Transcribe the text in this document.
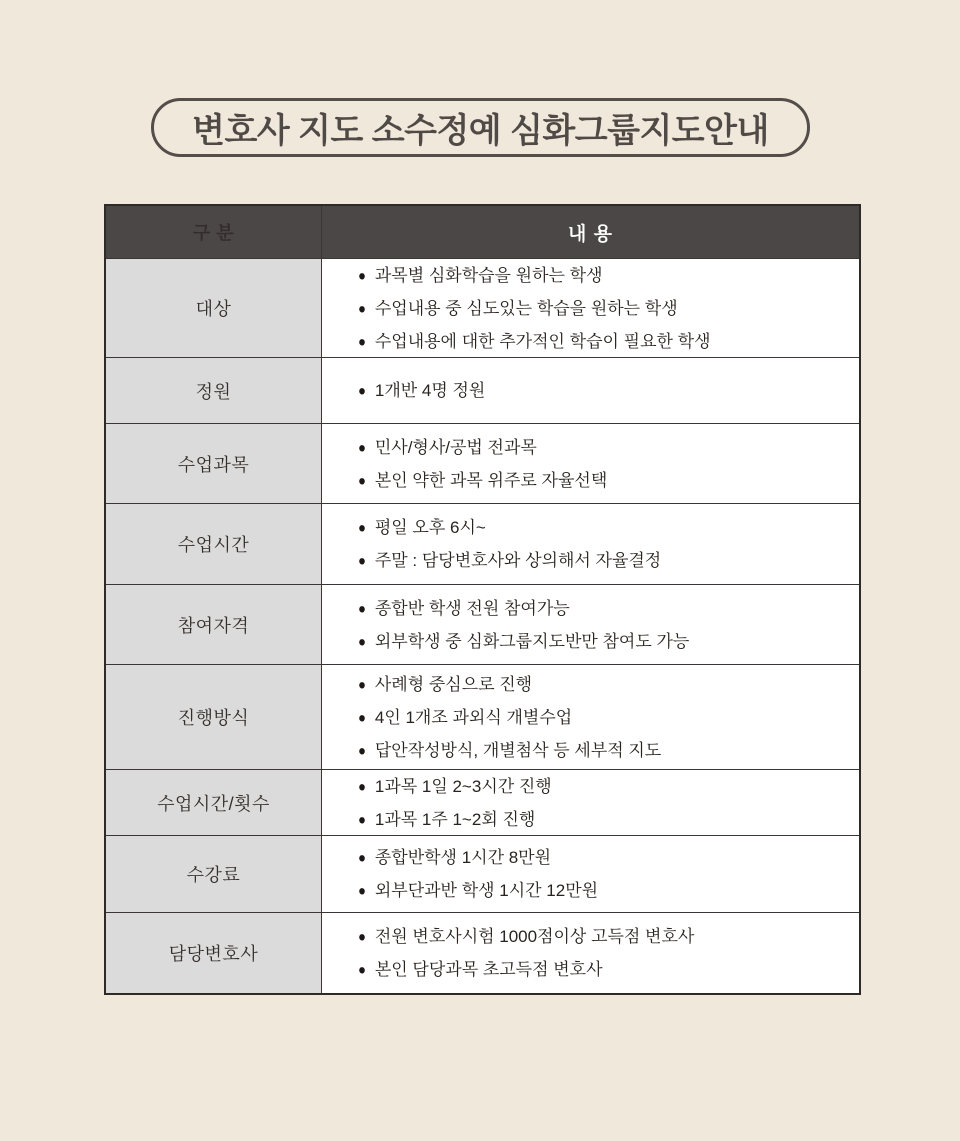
변호사 지도 소수정예 심화그룹지도안내
구 분	내 용
대상
● 과목별 심화학습을 원하는 학생
● 수업내용 중 심도있는 학습을 원하는 학생
● 수업내용에 대한 추가적인 학습이 필요한 학생
정원	● 1개반 4명 정원
수업과목
● 민사/형사/공법 전과목
● 본인 약한 과목 위주로 자율선택
수업시간
● 평일 오후 6시~
● 주말 : 담당변호사와 상의해서 자율결정
참여자격
● 종합반 학생 전원 참여가능
● 외부학생 중 심화그룹지도반만 참여도 가능
진행방식
● 사례형 중심으로 진행
● 4인 1개조 과외식 개별수업
● 답안작성방식, 개별첨삭 등 세부적 지도
수업시간/횟수
● 1과목 1일 2~3시간 진행
● 1과목 1주 1~2회 진행
수강료
● 종합반학생 1시간 8만원
● 외부단과반 학생 1시간 12만원
담당변호사
● 전원 변호사시험 1000점이상 고득점 변호사
● 본인 담당과목 초고득점 변호사
